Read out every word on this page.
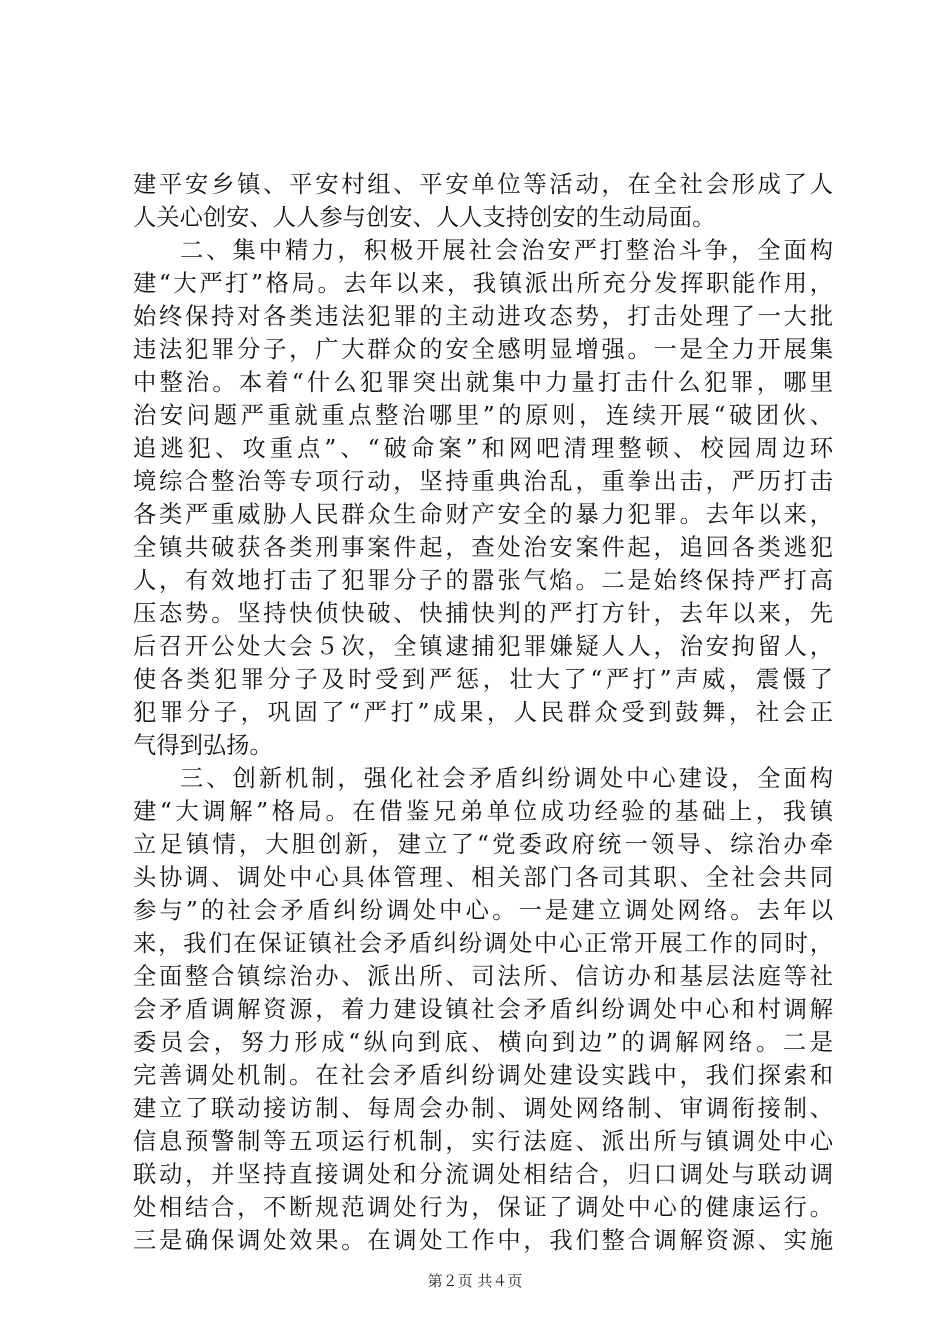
建平安乡镇、平安村组、平安单位等活动，在全社会形成了人
人关心创安、人人参与创安、人人支持创安的生动局面。
二、集中精力，积极开展社会治安严打整治斗争，全面构
建“大严打”格局。去年以来，我镇派出所充分发挥职能作用，
始终保持对各类违法犯罪的主动进攻态势，打击处理了一大批
违法犯罪分子，广大群众的安全感明显增强。一是全力开展集
中整治。本着“什么犯罪突出就集中力量打击什么犯罪，哪里
治安问题严重就重点整治哪里”的原则，连续开展“破团伙、
追逃犯、攻重点”、“破命案”和网吧清理整顿、校园周边环
境综合整治等专项行动，坚持重典治乱，重拳出击，严历打击
各类严重威胁人民群众生命财产安全的暴力犯罪。去年以来，
全镇共破获各类刑事案件起，查处治安案件起，追回各类逃犯
人，有效地打击了犯罪分子的嚣张气焰。二是始终保持严打高
压态势。坚持快侦快破、快捕快判的严打方针，去年以来，先
后召开公处大会５次，全镇逮捕犯罪嫌疑人人，治安拘留人，
使各类犯罪分子及时受到严惩，壮大了“严打”声威，震慑了
犯罪分子，巩固了“严打”成果，人民群众受到鼓舞，社会正
气得到弘扬。
三、创新机制，强化社会矛盾纠纷调处中心建设，全面构
建“大调解”格局。在借鉴兄弟单位成功经验的基础上，我镇
立足镇情，大胆创新，建立了“党委政府统一领导、综治办牵
头协调、调处中心具体管理、相关部门各司其职、全社会共同
参与”的社会矛盾纠纷调处中心。一是建立调处网络。去年以
来，我们在保证镇社会矛盾纠纷调处中心正常开展工作的同时，
全面整合镇综治办、派出所、司法所、信访办和基层法庭等社
会矛盾调解资源，着力建设镇社会矛盾纠纷调处中心和村调解
委员会，努力形成“纵向到底、横向到边”的调解网络。二是
完善调处机制。在社会矛盾纠纷调处建设实践中，我们探索和
建立了联动接访制、每周会办制、调处网络制、审调衔接制、
信息预警制等五项运行机制，实行法庭、派出所与镇调处中心
联动，并坚持直接调处和分流调处相结合，归口调处与联动调
处相结合，不断规范调处行为，保证了调处中心的健康运行。
三是确保调处效果。在调处工作中，我们整合调解资源、实施
第２页 共４页
